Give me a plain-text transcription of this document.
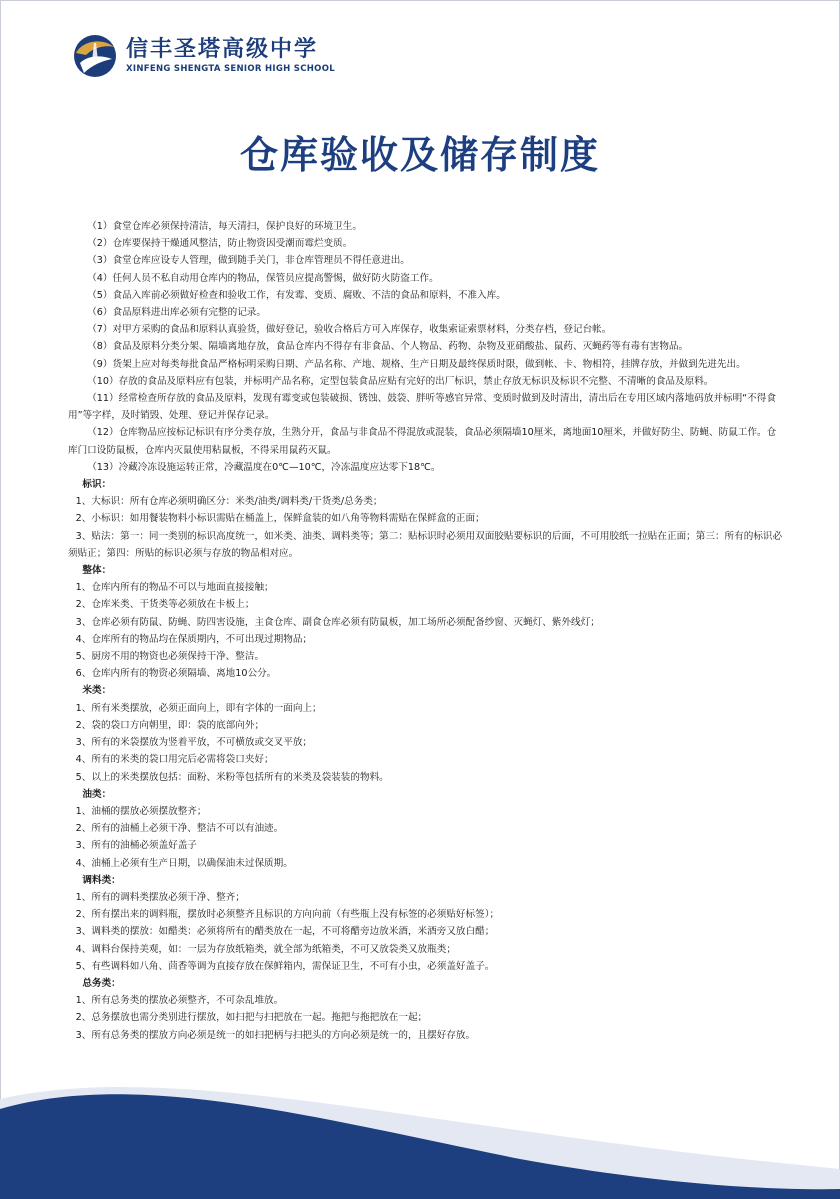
信丰圣塔高级中学
XINFENG SHENGTA SENIOR HIGH SCHOOL
仓库验收及储存制度
（1）食堂仓库必须保持清洁，每天清扫，保护良好的环境卫生。
（2）仓库要保持干燥通风整洁，防止物资因受潮而霉烂变质。
（3）食堂仓库应设专人管理，做到随手关门，非仓库管理员不得任意进出。
（4）任何人员不私自动用仓库内的物品，保管员应提高警惕，做好防火防盗工作。
（5）食品入库前必须做好检查和验收工作，有发霉、变质、腐败、不洁的食品和原料，不准入库。
（6）食品原料进出库必须有完整的记录。
（7）对甲方采购的食品和原料认真验货，做好登记，验收合格后方可入库保存，收集索证索票材料，分类存档，登记台帐。
（8）食品及原料分类分架、隔墙离地存放，食品仓库内不得存有非食品、个人物品、药物、杂物及亚硝酸盐、鼠药、灭蝇药等有毒有害物品。
（9）货架上应对每类每批食品严格标明采购日期、产品名称、产地、规格、生产日期及最终保质时限，做到帐、卡、物相符，挂牌存放，并做到先进先出。
（10）存放的食品及原料应有包装，并标明产品名称，定型包装食品应贴有完好的出厂标识，禁止存放无标识及标识不完整、不清晰的食品及原料。
（11）经常检查所存放的食品及原料，发现有霉变或包装破损、锈蚀、鼓袋、胖听等感官异常、变质时做到及时清出，清出后在专用区域内落地码放并标明“不得食用”等字样，及时销毁、处理、登记并保存记录。
（12）仓库物品应按标记标识有序分类存放，生熟分开，食品与非食品不得混放或混装，食品必须隔墙10厘米，离地面10厘米，并做好防尘、防蝇、防鼠工作。仓库门口设防鼠板，仓库内灭鼠使用粘鼠板，不得采用鼠药灭鼠。
（13）冷藏冷冻设施运转正常，冷藏温度在0℃—10℃，冷冻温度应达零下18℃。
标识：
1、大标识：所有仓库必须明确区分：米类/油类/调料类/干货类/总务类；
2、小标识：如用餐装物料小标识需贴在桶盖上，保鲜盒装的如八角等物料需贴在保鲜盒的正面；
3、贴法：第一：同一类别的标识高度统一，如米类、油类、调料类等；第二：贴标识时必须用双面胶贴要标识的后面，不可用胶纸一拉贴在正面；第三：所有的标识必须贴正；第四：所贴的标识必须与存放的物品相对应。
整体：
1、仓库内所有的物品不可以与地面直接接触；
2、仓库米类、干货类等必须放在卡板上；
3、仓库必须有防鼠、防蝇、防四害设施，主食仓库、副食仓库必须有防鼠板，加工场所必须配备纱窗、灭蝇灯、紫外线灯；
4、仓库所有的物品均在保质期内，不可出现过期物品；
5、厨房不用的物资也必须保持干净、整洁。
6、仓库内所有的物资必须隔墙、离地10公分。
米类：
1、所有米类摆放，必须正面向上，即有字体的一面向上；
2、袋的袋口方向朝里，即：袋的底部向外；
3、所有的米袋摆放为竖着平放，不可横放或交叉平放；
4、所有的米类的袋口用完后必需将袋口夹好；
5、以上的米类摆放包括：面粉、米粉等包括所有的米类及袋装装的物料。
油类：
1、油桶的摆放必须摆放整齐；
2、所有的油桶上必须干净、整洁不可以有油迹。
3、所有的油桶必须盖好盖子
4、油桶上必须有生产日期，以确保油未过保质期。
调料类：
1、所有的调料类摆放必须干净、整齐；
2、所有摆出来的调料瓶，摆放时必须整齐且标识的方向向前（有些瓶上没有标签的必须贴好标签）；
3、调料类的摆放：如醋类：必须将所有的醋类放在一起，不可将醋旁边放米酒，米酒旁又放白醋；
4、调料台保持美观，如：一层为存放纸箱类，就全部为纸箱类，不可又放袋类又放瓶类；
5、有些调料如八角、茴香等调为直接存放在保鲜箱内，需保证卫生，不可有小虫，必须盖好盖子。
总务类：
1、所有总务类的摆放必须整齐，不可杂乱堆放。
2、总务摆放也需分类别进行摆放，如扫把与扫把放在一起。拖把与拖把放在一起；
3、所有总务类的摆放方向必须是统一的如扫把柄与扫把头的方向必须是统一的，且摆好存放。
